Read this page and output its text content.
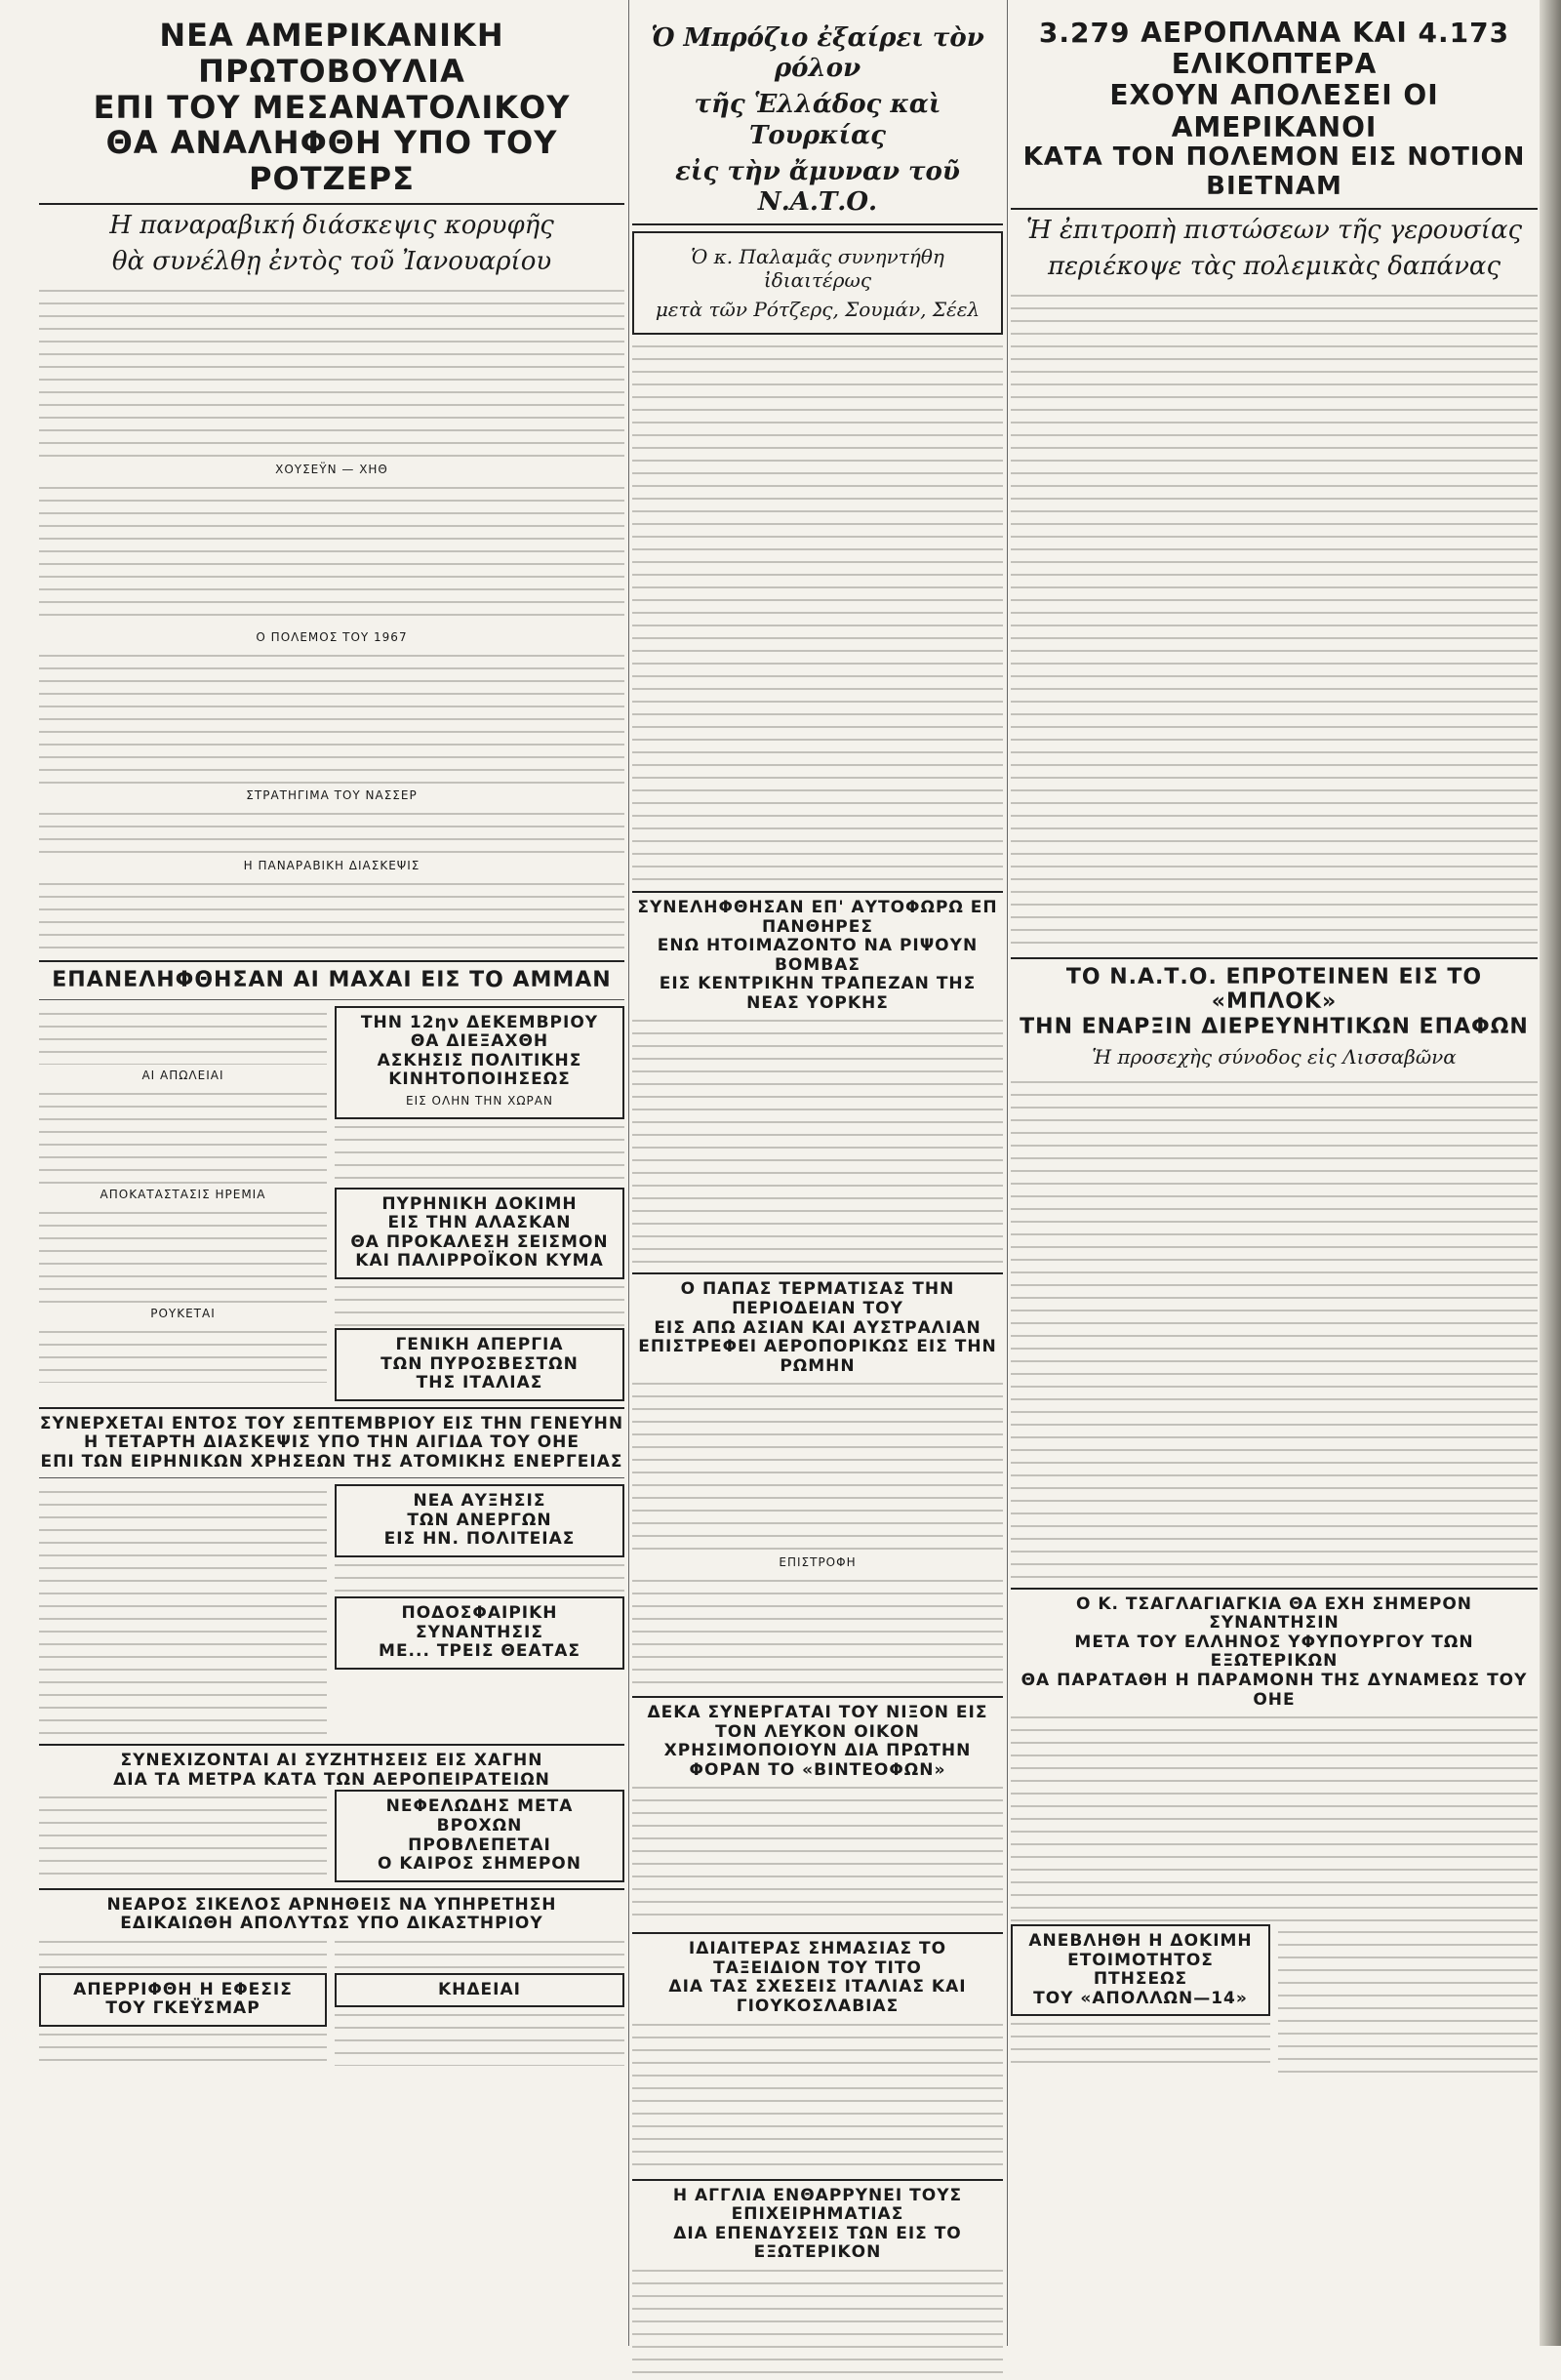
ΝΕΑ ΑΜΕΡΙΚΑΝΙΚΗ ΠΡΩΤΟΒΟΥΛΙΑ

ΕΠΙ ΤΟΥ ΜΕΣΑΝΑΤΟΛΙΚΟΥ

ΘΑ ΑΝΑΛΗΦΘΗ ΥΠΟ ΤΟΥ ΡΟΤΖΕΡΣ

Η παναραβική διάσκεψις κορυφῆς

θὰ συνέλθῃ ἐντὸς τοῦ Ἰανουαρίου

ΧΟΥΣΕΫΝ — ΧΗΘ

Ο ΠΟΛΕΜΟΣ ΤΟΥ 1967

ΣΤΡΑΤΗΓΙΜΑ ΤΟΥ ΝΑΣΣΕΡ

Η ΠΑΝΑΡΑΒΙΚΗ ΔΙΑΣΚΕΨΙΣ

ΕΠΑΝΕΛΗΦΘΗΣΑΝ ΑΙ ΜΑΧΑΙ ΕΙΣ ΤΟ ΑΜΜΑΝ

ΑΙ ΑΠΩΛΕΙΑΙ

ΑΠΟΚΑΤΑΣΤΑΣΙΣ ΗΡΕΜΙΑ

ΡΟΥΚΕΤΑΙ

ΤΗΝ 12ην ΔΕΚΕΜΒΡΙΟΥ

ΘΑ ΔΙΕΞΑΧΘΗ

ΑΣΚΗΣΙΣ ΠΟΛΙΤΙΚΗΣ

ΚΙΝΗΤΟΠΟΙΗΣΕΩΣ

ΕΙΣ ΟΛΗΝ ΤΗΝ ΧΩΡΑΝ

ΠΥΡΗΝΙΚΗ ΔΟΚΙΜΗ

ΕΙΣ ΤΗΝ ΑΛΑΣΚΑΝ

ΘΑ ΠΡΟΚΑΛΕΣΗ ΣΕΙΣΜΟΝ

ΚΑΙ ΠΑΛΙΡΡΟΪΚΟΝ ΚΥΜΑ

ΓΕΝΙΚΗ ΑΠΕΡΓΙΑ

ΤΩΝ ΠΥΡΟΣΒΕΣΤΩΝ

ΤΗΣ ΙΤΑΛΙΑΣ

ΣΥΝΕΡΧΕΤΑΙ ΕΝΤΟΣ ΤΟΥ ΣΕΠΤΕΜΒΡΙΟΥ ΕΙΣ ΤΗΝ ΓΕΝΕΥΗΝ

Η ΤΕΤΑΡΤΗ ΔΙΑΣΚΕΨΙΣ ΥΠΟ ΤΗΝ ΑΙΓΙΔΑ ΤΟΥ ΟΗΕ

ΕΠΙ ΤΩΝ ΕΙΡΗΝΙΚΩΝ ΧΡΗΣΕΩΝ ΤΗΣ ΑΤΟΜΙΚΗΣ ΕΝΕΡΓΕΙΑΣ

ΝΕΑ ΑΥΞΗΣΙΣ

ΤΩΝ ΑΝΕΡΓΩΝ

ΕΙΣ ΗΝ. ΠΟΛΙΤΕΙΑΣ

ΠΟΔΟΣΦΑΙΡΙΚΗ

ΣΥΝΑΝΤΗΣΙΣ

ΜΕ... ΤΡΕΙΣ ΘΕΑΤΑΣ

ΣΥΝΕΧΙΖΟΝΤΑΙ ΑΙ ΣΥΖΗΤΗΣΕΙΣ ΕΙΣ ΧΑΓΗΝ

ΔΙΑ ΤΑ ΜΕΤΡΑ ΚΑΤΑ ΤΩΝ ΑΕΡΟΠΕΙΡΑΤΕΙΩΝ

ΝΕΦΕΛΩΔΗΣ ΜΕΤΑ ΒΡΟΧΩΝ

ΠΡΟΒΛΕΠΕΤΑΙ

Ο ΚΑΙΡΟΣ ΣΗΜΕΡΟΝ

ΝΕΑΡΟΣ ΣΙΚΕΛΟΣ ΑΡΝΗΘΕΙΣ ΝΑ ΥΠΗΡΕΤΗΣΗ

ΕΔΙΚΑΙΩΘΗ ΑΠΟΛΥΤΩΣ ΥΠΟ ΔΙΚΑΣΤΗΡΙΟΥ

ΑΠΕΡΡΙΦΘΗ Η ΕΦΕΣΙΣ

ΤΟΥ ΓΚΕΫΣΜΑΡ

ΚΗΔΕΙΑΙ

Ὁ Μπρόζιο ἐξαίρει τὸν ρόλον

τῆς Ἑλλάδος καὶ Τουρκίας

εἰς τὴν ἄμυναν τοῦ Ν.Α.Τ.Ο.

Ὁ κ. Παλαμᾶς συνηντήθη ἰδιαιτέρως

μετὰ τῶν Ρότζερς, Σουμάν, Σέελ

ΣΥΝΕΛΗΦΘΗΣΑΝ ΕΠ' ΑΥΤΟΦΩΡΩ ΕΠ ΠΑΝΘΗΡΕΣ

ΕΝΩ ΗΤΟΙΜΑΖΟΝΤΟ ΝΑ ΡΙΨΟΥΝ ΒΟΜΒΑΣ

ΕΙΣ ΚΕΝΤΡΙΚΗΝ ΤΡΑΠΕΖΑΝ ΤΗΣ ΝΕΑΣ ΥΟΡΚΗΣ

Ο ΠΑΠΑΣ ΤΕΡΜΑΤΙΣΑΣ ΤΗΝ ΠΕΡΙΟΔΕΙΑΝ ΤΟΥ

ΕΙΣ ΑΠΩ ΑΣΙΑΝ ΚΑΙ ΑΥΣΤΡΑΛΙΑΝ

ΕΠΙΣΤΡΕΦΕΙ ΑΕΡΟΠΟΡΙΚΩΣ ΕΙΣ ΤΗΝ ΡΩΜΗΝ

ΕΠΙΣΤΡΟΦΗ

ΔΕΚΑ ΣΥΝΕΡΓΑΤΑΙ ΤΟΥ ΝΙΞΟΝ ΕΙΣ ΤΟΝ ΛΕΥΚΟΝ ΟΙΚΟΝ

ΧΡΗΣΙΜΟΠΟΙΟΥΝ ΔΙΑ ΠΡΩΤΗΝ ΦΟΡΑΝ ΤΟ «ΒΙΝΤΕΟΦΩΝ»

ΙΔΙΑΙΤΕΡΑΣ ΣΗΜΑΣΙΑΣ ΤΟ ΤΑΞΕΙΔΙΟΝ ΤΟΥ ΤΙΤΟ

ΔΙΑ ΤΑΣ ΣΧΕΣΕΙΣ ΙΤΑΛΙΑΣ ΚΑΙ ΓΙΟΥΚΟΣΛΑΒΙΑΣ

Η ΑΓΓΛΙΑ ΕΝΘΑΡΡΥΝΕΙ ΤΟΥΣ ΕΠΙΧΕΙΡΗΜΑΤΙΑΣ

ΔΙΑ ΕΠΕΝΔΥΣΕΙΣ ΤΩΝ ΕΙΣ ΤΟ ΕΞΩΤΕΡΙΚΟΝ

3.279 ΑΕΡΟΠΛΑΝΑ ΚΑΙ 4.173 ΕΛΙΚΟΠΤΕΡΑ

ΕΧΟΥΝ ΑΠΟΛΕΣΕΙ ΟΙ ΑΜΕΡΙΚΑΝΟΙ

ΚΑΤΑ ΤΟΝ ΠΟΛΕΜΟΝ ΕΙΣ ΝΟΤΙΟΝ ΒΙΕΤΝΑΜ

Ἡ ἐπιτροπὴ πιστώσεων τῆς γερουσίας

περιέκοψε τὰς πολεμικὰς δαπάνας

ΤΟ Ν.Α.Τ.Ο. ΕΠΡΟΤΕΙΝΕΝ ΕΙΣ ΤΟ «ΜΠΛΟΚ»

ΤΗΝ ΕΝΑΡΞΙΝ ΔΙΕΡΕΥΝΗΤΙΚΩΝ ΕΠΑΦΩΝ

Ἡ προσεχὴς σύνοδος εἰς Λισσαβῶνα

Ο Κ. ΤΣΑΓΛΑΓΙΑΓΚΙΑ ΘΑ ΕΧΗ ΣΗΜΕΡΟΝ ΣΥΝΑΝΤΗΣΙΝ

ΜΕΤΑ ΤΟΥ ΕΛΛΗΝΟΣ ΥΦΥΠΟΥΡΓΟΥ ΤΩΝ ΕΞΩΤΕΡΙΚΩΝ

ΘΑ ΠΑΡΑΤΑΘΗ Η ΠΑΡΑΜΟΝΗ ΤΗΣ ΔΥΝΑΜΕΩΣ ΤΟΥ ΟΗΕ

ΑΝΕΒΛΗΘΗ Η ΔΟΚΙΜΗ

ΕΤΟΙΜΟΤΗΤΟΣ ΠΤΗΣΕΩΣ

ΤΟΥ «ΑΠΟΛΛΩΝ—14»
